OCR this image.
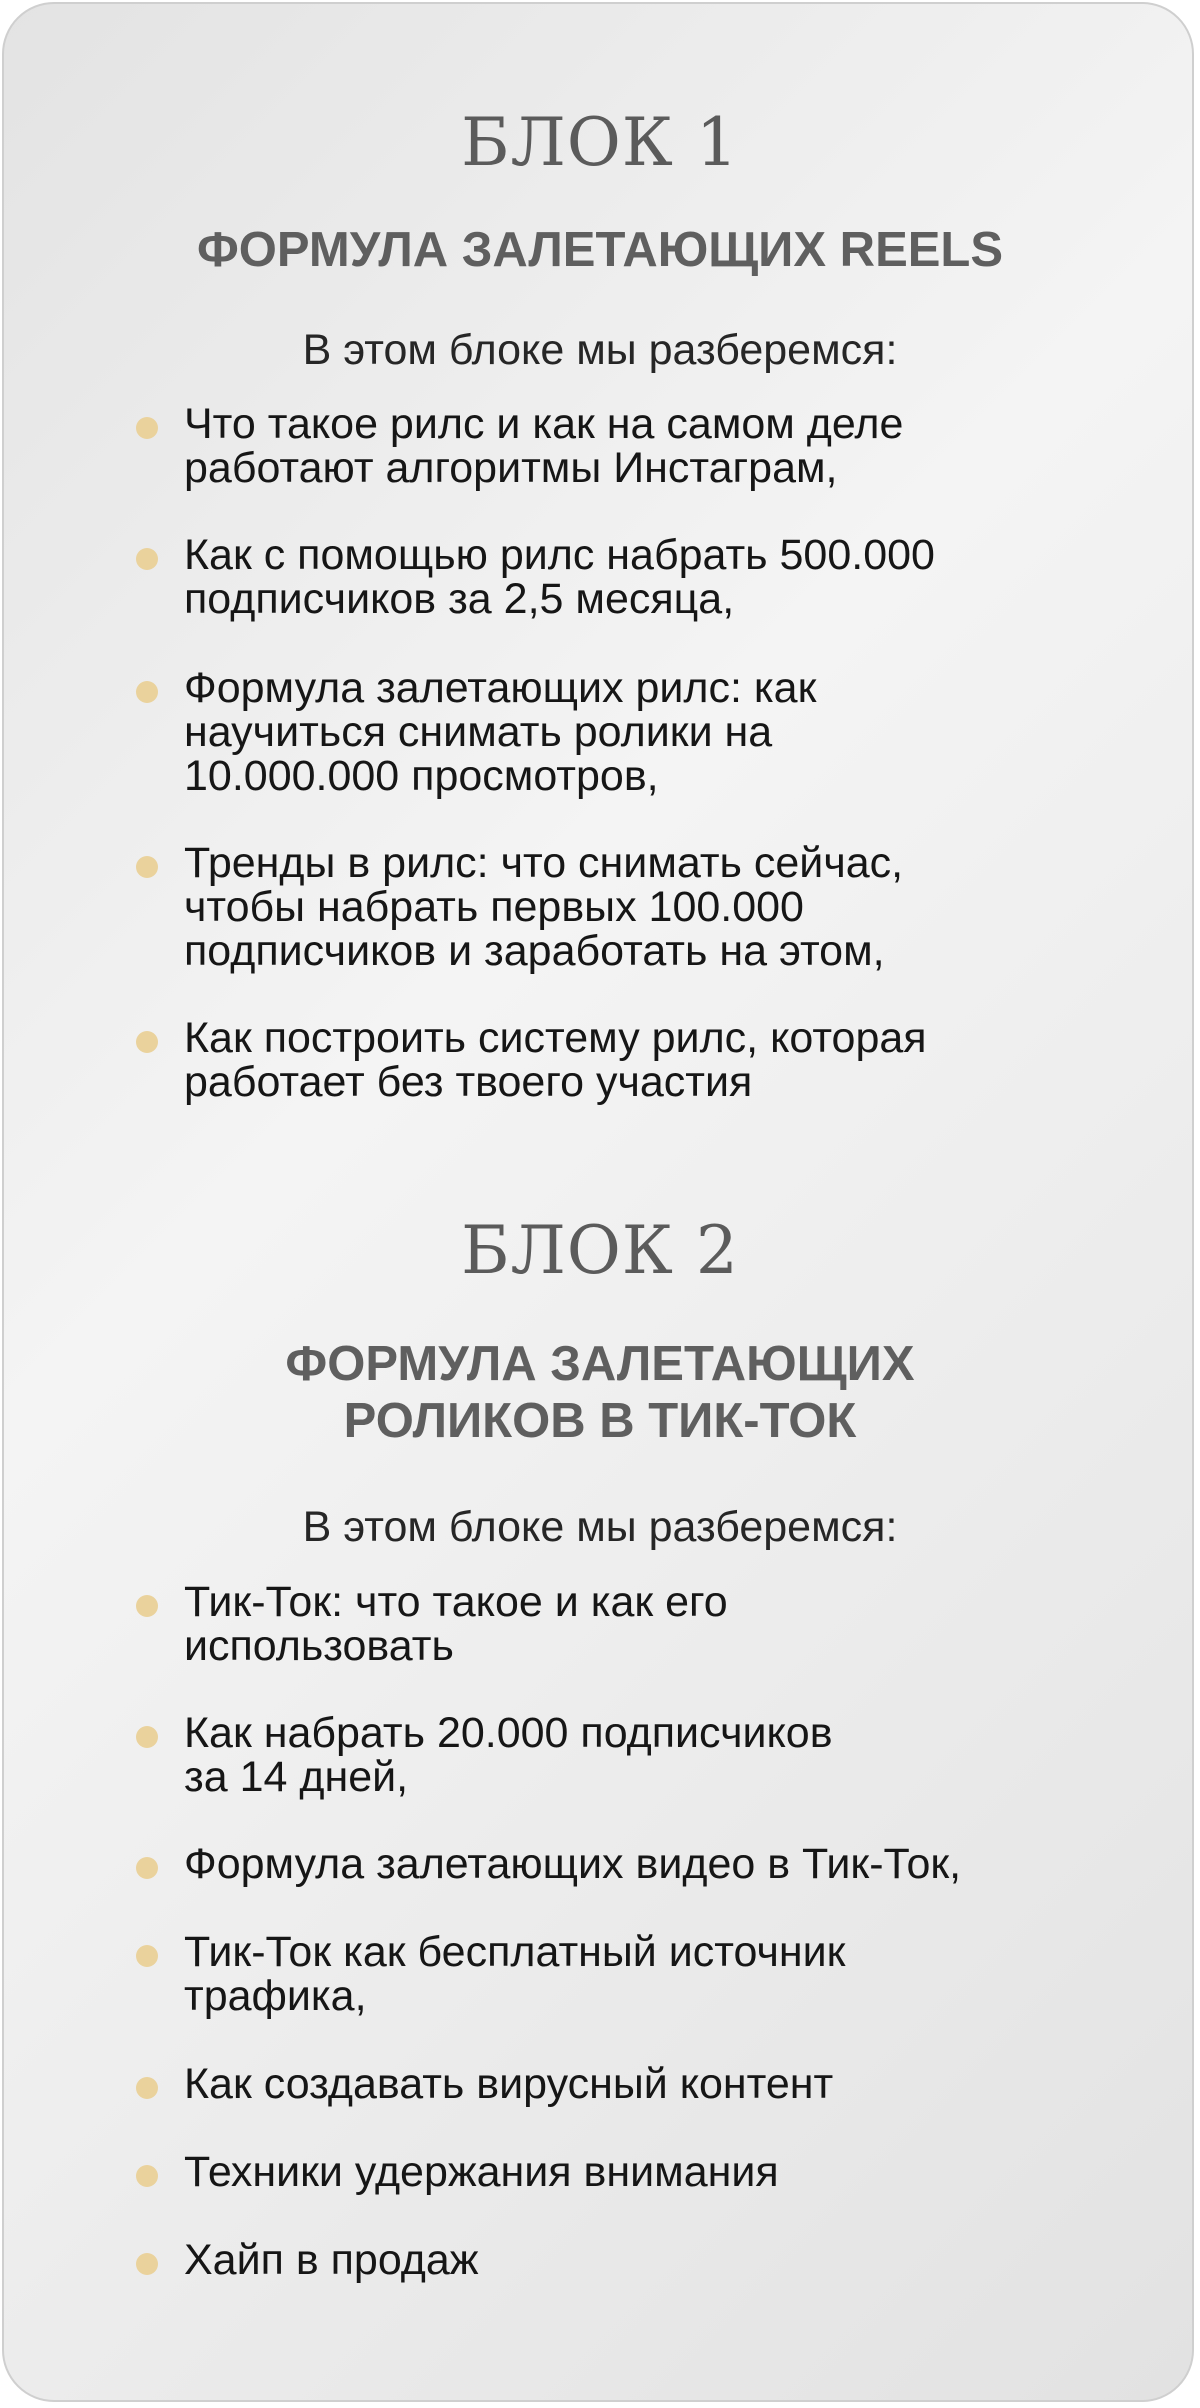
БЛОК 1
ФОРМУЛА ЗАЛЕТАЮЩИХ REELS

В этом блоке мы разберемся:

Что такое рилс и как на самом деле
работают алгоритмы Инстаграм,
Как с помощью рилс набрать 500.000
подписчиков за 2,5 месяца,
Формула залетающих рилс: как
научиться снимать ролики на
10.000.000 просмотров,
Тренды в рилс: что снимать сейчас,
чтобы набрать первых 100.000
подписчиков и заработать на этом,
Как построить систему рилс, которая
работает без твоего участия
БЛОК 2
ФОРМУЛА ЗАЛЕТАЮЩИХ
РОЛИКОВ В ТИК-ТОК

В этом блоке мы разберемся:

Тик-Ток: что такое и как его
использовать
Как набрать 20.000 подписчиков
за 14 дней,
Формула залетающих видео в Тик-Ток,
Тик-Ток как бесплатный источник
трафика,
Как создавать вирусный контент
Техники удержания внимания
Хайп в продаж
